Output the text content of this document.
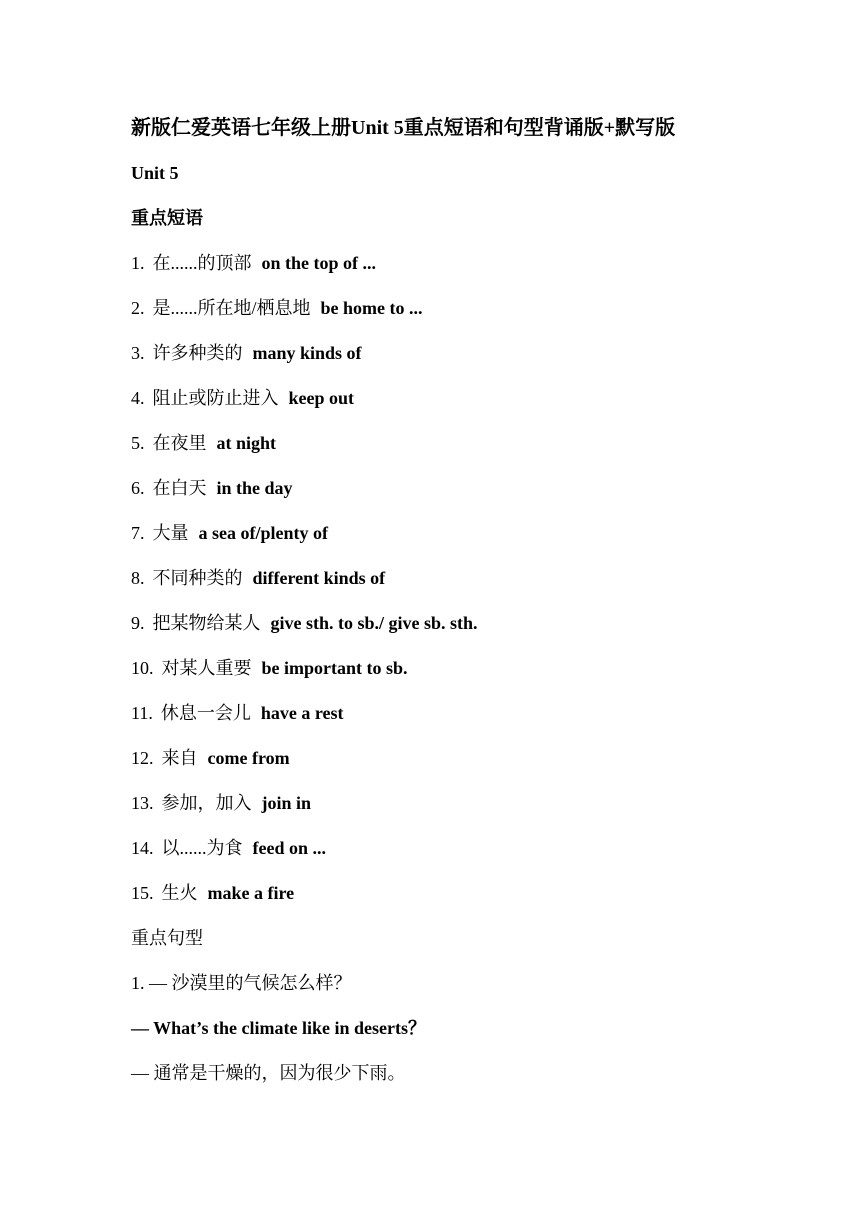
新版仁爱英语七年级上册Unit 5重点短语和句型背诵版+默写版
Unit 5
重点短语
1. 在......的顶部 on the top of ...
2. 是......所在地/栖息地 be home to ...
3. 许多种类的 many kinds of
4. 阻止或防止进入 keep out
5. 在夜里 at night
6. 在白天 in the day
7. 大量 a sea of/plenty of
8. 不同种类的 different kinds of
9. 把某物给某人 give sth. to sb./ give sb. sth.
10. 对某人重要 be important to sb.
11. 休息一会儿 have a rest
12. 来自 come from
13. 参加，加入 join in
14. 以......为食 feed on ...
15. 生火 make a fire
重点句型
1. — 沙漠里的气候怎么样？
— What’s the climate like in deserts？
— 通常是干燥的，因为很少下雨。
